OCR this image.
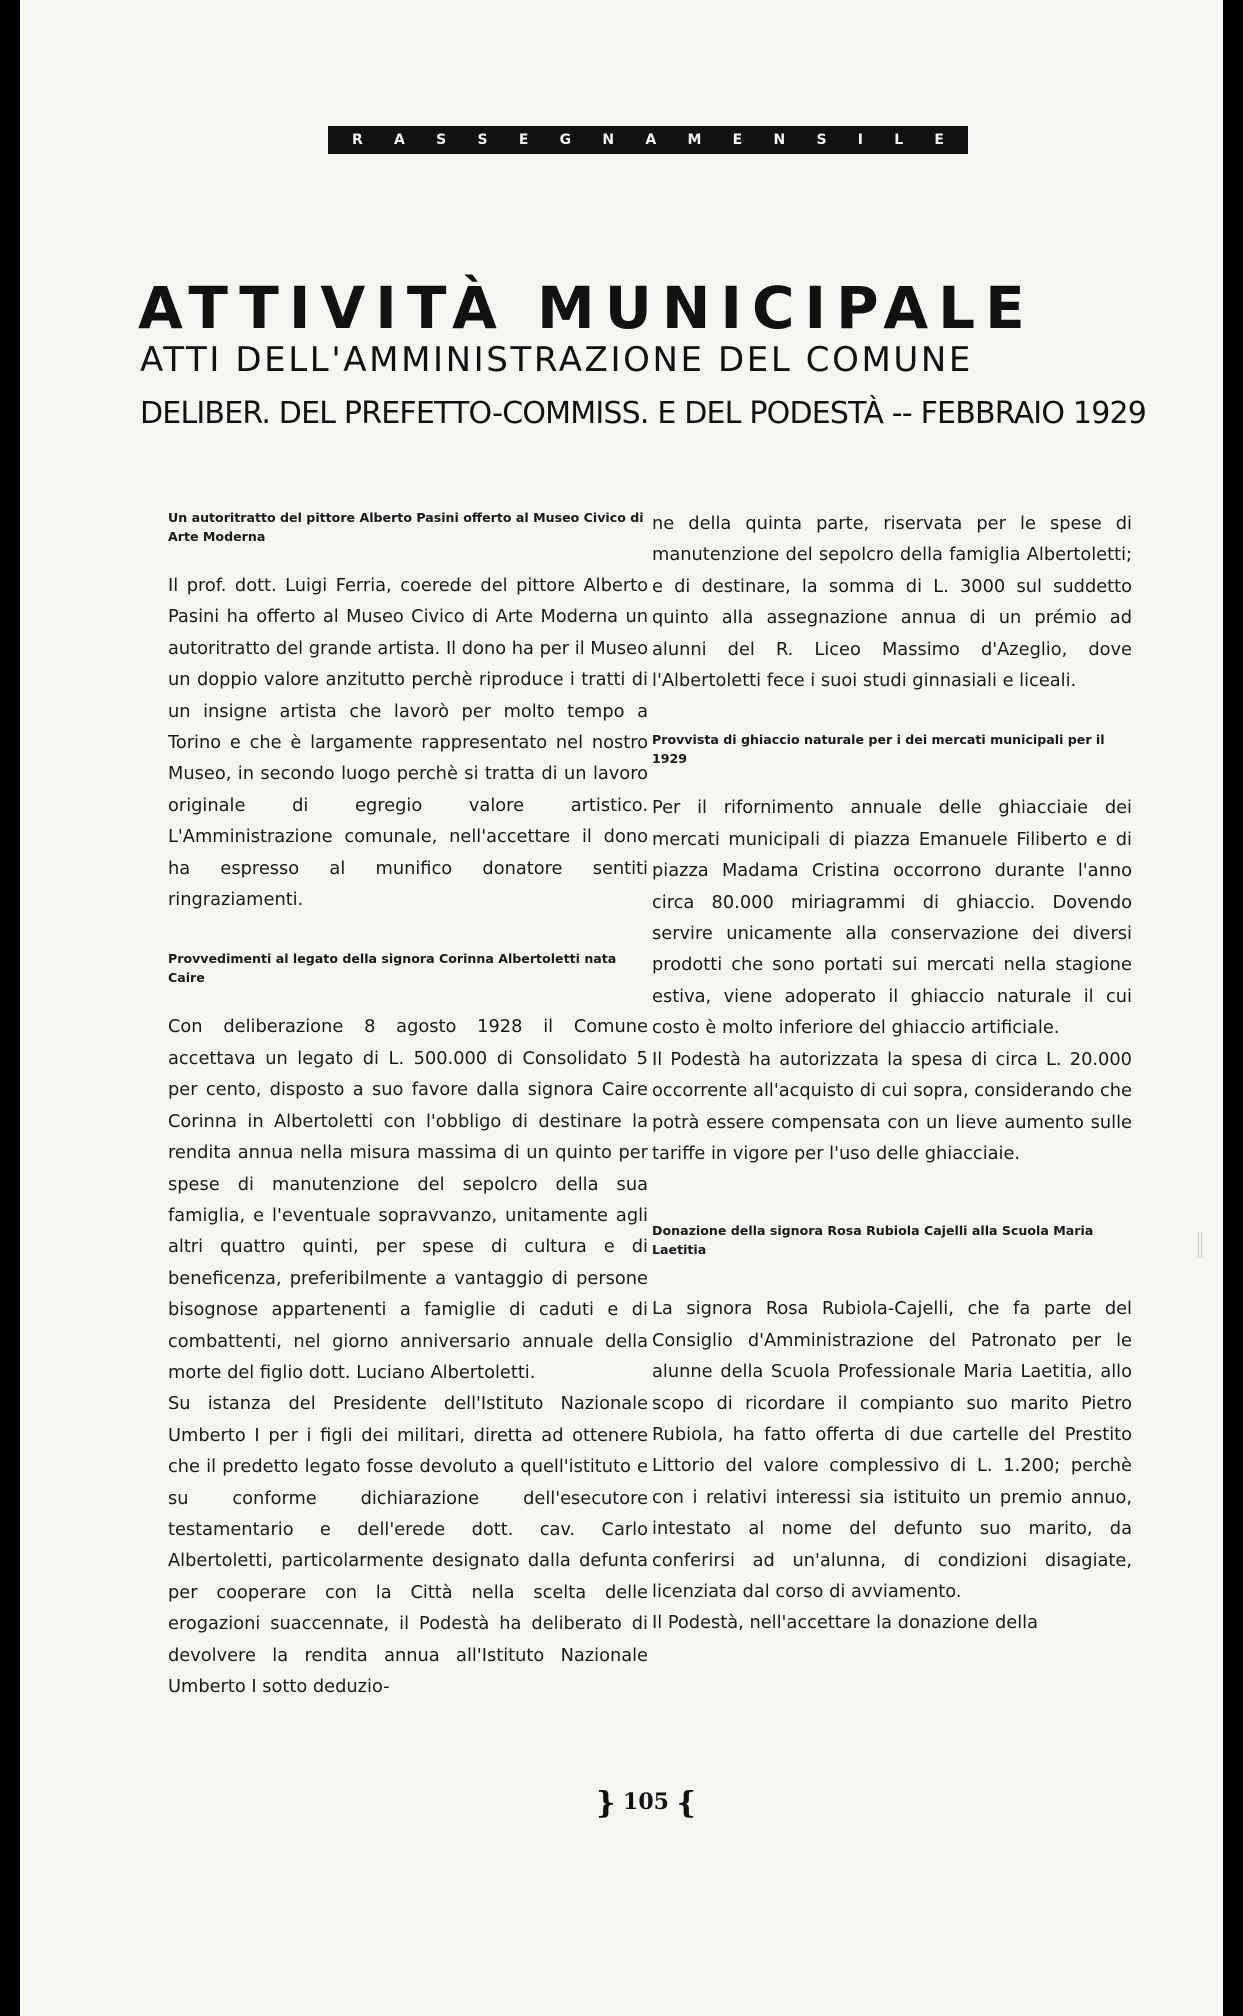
R A S S E G N A M E N S I L E
ATTIVITÀ MUNICIPALE
ATTI DELL'AMMINISTRAZIONE DEL COMUNE
DELIBER. DEL PREFETTO-COMMISS. E DEL PODESTÀ -- FEBBRAIO 1929
Un autoritratto del pittore Alberto Pasini offerto al Museo Civico di Arte Moderna

Il prof. dott. Luigi Ferria, coerede del pittore Alberto Pasini ha offerto al Museo Civico di Arte Moderna un autoritratto del grande artista. Il dono ha per il Museo un doppio valore anzitutto perchè riproduce i tratti di un insigne artista che lavorò per molto tempo a Torino e che è largamente rappresentato nel nostro Museo, in secondo luogo perchè si tratta di un lavoro originale di egregio valore artistico. L'Amministrazione comunale, nell'accettare il dono ha espresso al munifico donatore sentiti ringraziamenti.

Provvedimenti al legato della signora Corinna Albertoletti nata Caire

Con deliberazione 8 agosto 1928 il Comune accettava un legato di L. 500.000 di Consolidato 5 per cento, disposto a suo favore dalla signora Caire Corinna in Albertoletti con l'obbligo di destinare la rendita annua nella misura massima di un quinto per spese di manutenzione del sepolcro della sua famiglia, e l'eventuale sopravvanzo, unitamente agli altri quattro quinti, per spese di cultura e di beneficenza, preferibilmente a vantaggio di persone bisognose appartenenti a famiglie di caduti e di combattenti, nel giorno anniversario annuale della morte del figlio dott. Luciano Albertoletti.

Su istanza del Presidente dell'Istituto Nazionale Umberto I per i figli dei militari, diretta ad ottenere che il predetto legato fosse devoluto a quell'istituto e su conforme dichiarazione dell'esecutore testamentario e dell'erede dott. cav. Carlo Albertoletti, particolarmente designato dalla defunta per cooperare con la Città nella scelta delle erogazioni suaccennate, il Podestà ha deliberato di devolvere la rendita annua all'Istituto Nazionale Umberto I sotto deduzio-

ne della quinta parte, riservata per le spese di manutenzione del sepolcro della famiglia Albertoletti; e di destinare, la somma di L. 3000 sul suddetto quinto alla assegnazione annua di un prémio ad alunni del R. Liceo Massimo d'Azeglio, dove l'Albertoletti fece i suoi studi ginnasiali e liceali.

Provvista di ghiaccio naturale per i dei mercati municipali per il 1929

Per il rifornimento annuale delle ghiacciaie dei mercati municipali di piazza Emanuele Filiberto e di piazza Madama Cristina occorrono durante l'anno circa 80.000 miriagrammi di ghiaccio. Dovendo servire unicamente alla conservazione dei diversi prodotti che sono portati sui mercati nella stagione estiva, viene adoperato il ghiaccio naturale il cui costo è molto inferiore del ghiaccio artificiale.

Il Podestà ha autorizzata la spesa di circa L. 20.000 occorrente all'acquisto di cui sopra, considerando che potrà essere compensata con un lieve aumento sulle tariffe in vigore per l'uso delle ghiacciaie.

Donazione della signora Rosa Rubiola Cajelli alla Scuola Maria Laetitia

La signora Rosa Rubiola-Cajelli, che fa parte del Consiglio d'Amministrazione del Patronato per le alunne della Scuola Professionale Maria Laetitia, allo scopo di ricordare il compianto suo marito Pietro Rubiola, ha fatto offerta di due cartelle del Prestito Littorio del valore complessivo di L. 1.200; perchè con i relativi interessi sia istituito un premio annuo, intestato al nome del defunto suo marito, da conferirsi ad un'alunna, di condizioni disagiate, licenziata dal corso di avviamento.

Il Podestà, nell'accettare la donazione della

} 105 {
